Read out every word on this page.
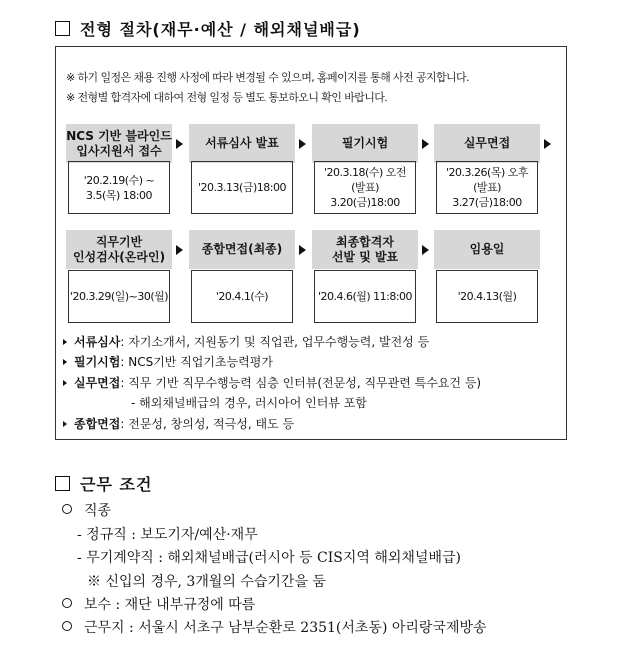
전형 절차(재무·예산 / 해외채널배급)
※ 하기 일정은 채용 진행 사정에 따라 변경될 수 있으며, 홈페이지를 통해 사전 공지합니다.
※ 전형별 합격자에 대하여 전형 일정 등 별도 통보하오니 확인 바랍니다.
NCS 기반 블라인드
입사지원서 접수
'20.2.19(수) ~
3.5(목) 18:00
서류심사 발표
'20.3.13(금)18:00
필기시험
'20.3.18(수) 오전
(발표) 3.20(금)18:00
실무면접
'20.3.26(목) 오후
(발표) 3.27(금)18:00
직무기반
인성검사(온라인)
'20.3.29(일)~30(월)
종합면접(최종)
'20.4.1(수)
최종합격자
선발 및 발표
'20.4.6(월) 11:8:00
임용일
'20.4.13(월)
서류심사 : 자기소개서, 지원동기 및 직업관, 업무수행능력, 발전성 등
필기시험 : NCS기반 직업기초능력평가
실무면접 : 직무 기반 직무수행능력 심층 인터뷰(전문성, 직무관련 특수요건 등)
- 해외채널배급의 경우, 러시아어 인터뷰 포함
종합면접 : 전문성, 창의성, 적극성, 태도 등
근무 조건
직종
- 정규직 : 보도기자/예산·재무
- 무기계약직 : 해외채널배급(러시아 등 CIS지역 해외채널배급)
※ 신입의 경우, 3개월의 수습기간을 둠
보수 : 재단 내부규정에 따름
근무지 : 서울시 서초구 남부순환로 2351(서초동) 아리랑국제방송
